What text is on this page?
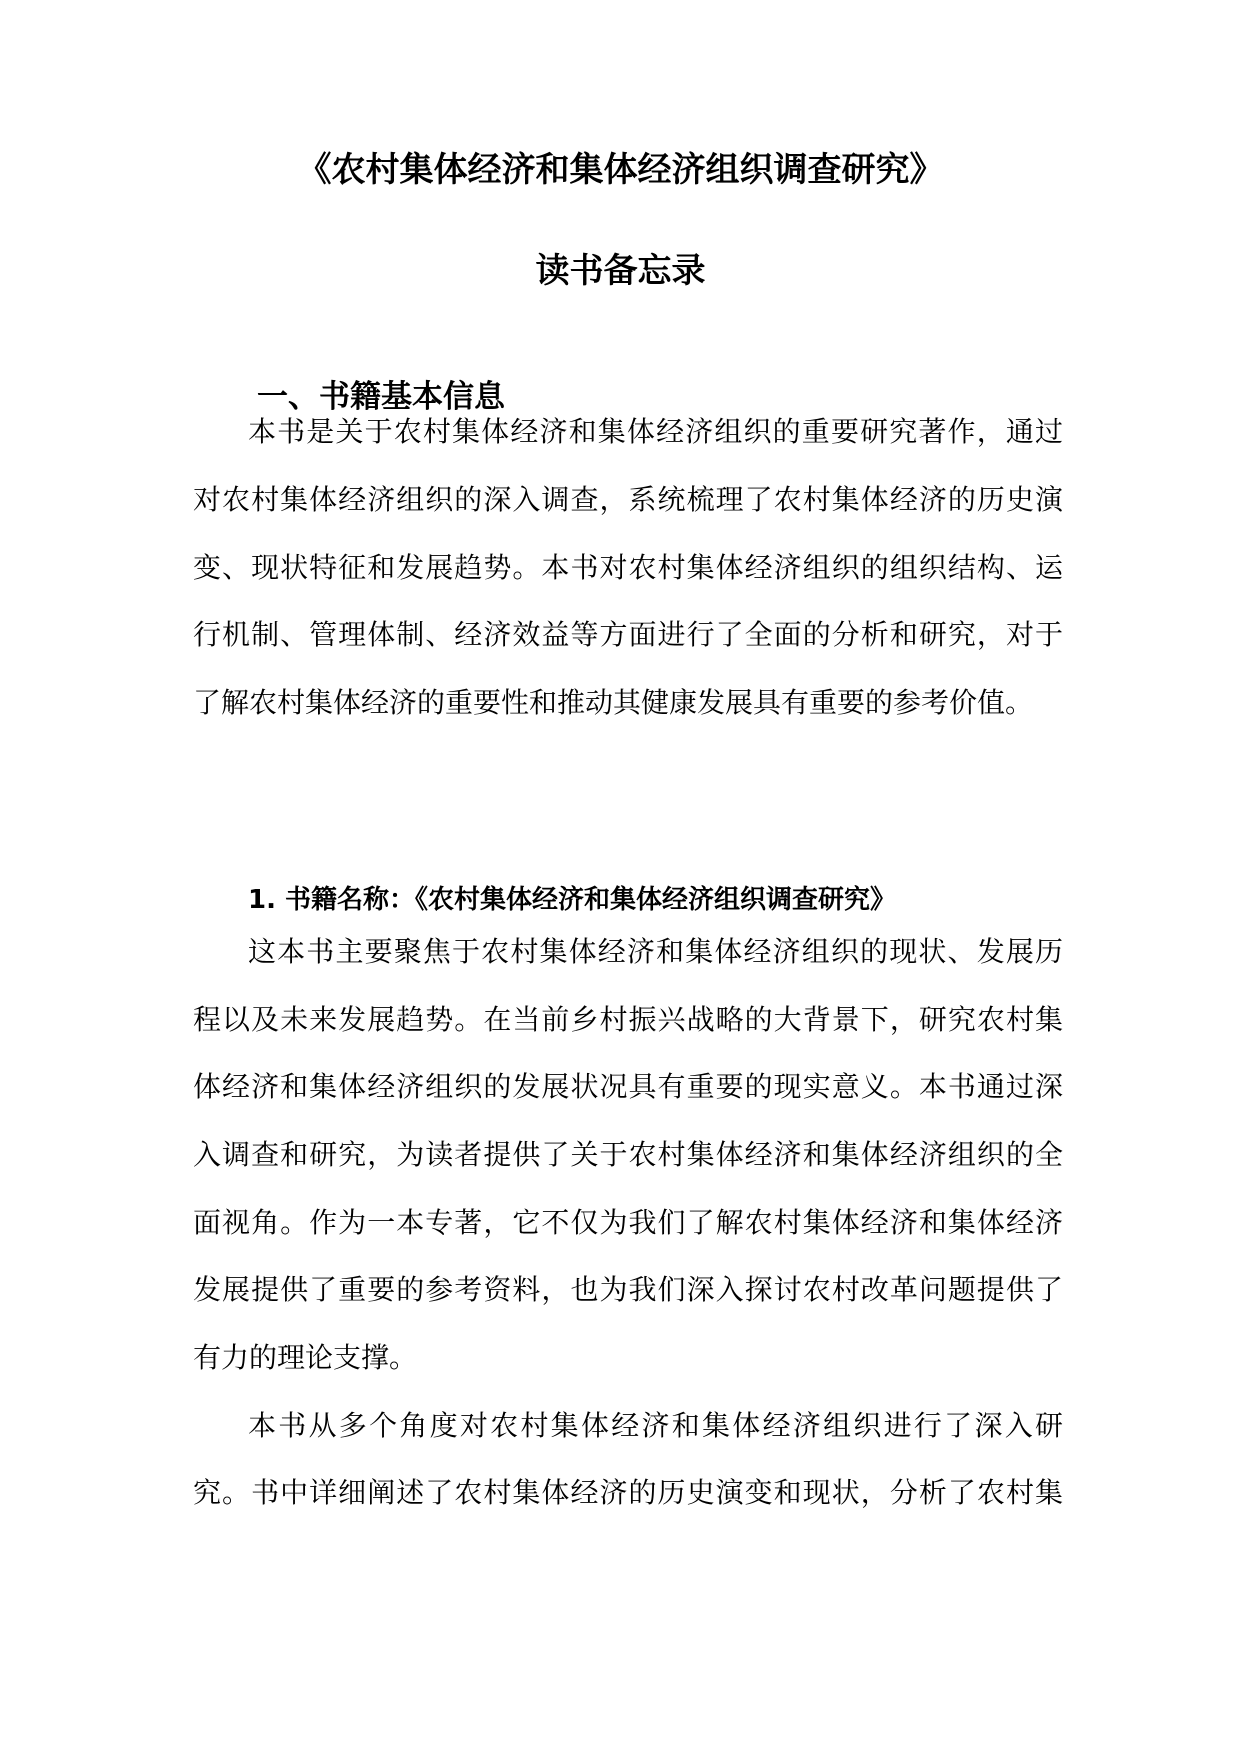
《农村集体经济和集体经济组织调查研究》
读书备忘录
一、书籍基本信息
本书是关于农村集体经济和集体经济组织的重要研究著作，通过
对农村集体经济组织的深入调查，系统梳理了农村集体经济的历史演
变、现状特征和发展趋势。本书对农村集体经济组织的组织结构、运
行机制、管理体制、经济效益等方面进行了全面的分析和研究，对于
了解农村集体经济的重要性和推动其健康发展具有重要的参考价值。
1. 书籍名称：《农村集体经济和集体经济组织调查研究》
这本书主要聚焦于农村集体经济和集体经济组织的现状、发展历
程以及未来发展趋势。在当前乡村振兴战略的大背景下，研究农村集
体经济和集体经济组织的发展状况具有重要的现实意义。本书通过深
入调查和研究，为读者提供了关于农村集体经济和集体经济组织的全
面视角。作为一本专著，它不仅为我们了解农村集体经济和集体经济
发展提供了重要的参考资料，也为我们深入探讨农村改革问题提供了
有力的理论支撑。
本书从多个角度对农村集体经济和集体经济组织进行了深入研
究。书中详细阐述了农村集体经济的历史演变和现状，分析了农村集
